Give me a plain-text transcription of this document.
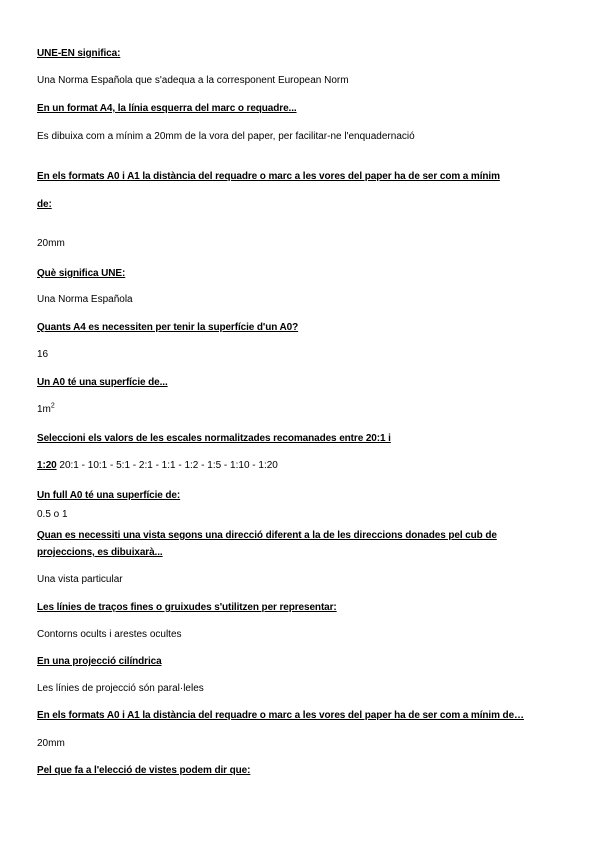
UNE-EN significa:
Una Norma Española que s'adequa a la corresponent European Norm
En un format A4, la línia esquerra del marc o requadre...
Es dibuixa com a mínim a 20mm de la vora del paper, per facilitar-ne l'enquadernació
En els formats A0 i A1 la distància del requadre o marc a les vores del paper ha de ser com a mínim
de:
20mm
Què significa UNE:
Una Norma Española
Quants A4 es necessiten per tenir la superfície d'un A0?
16
Un A0 té una superfície de...
$1m^2$
Seleccioni els valors de les escales normalitzades recomanades entre 20:1 i
1:20 20:1 - 10:1 - 5:1 - 2:1 - 1:1 - 1:2 - 1:5 - 1:10 - 1:20
Un full A0 té una superfície de:
0.5 o 1
Quan es necessiti una vista segons una direcció diferent a la de les direccions donades pel cub de
projeccions, es dibuixarà...
Una vista particular
Les línies de traços fines o gruixudes s'utilitzen per representar:
Contorns ocults i arestes ocultes
En una projecció cilíndrica
Les línies de projecció són paral·leles
En els formats A0 i A1 la distància del requadre o marc a les vores del paper ha de ser com a mínim de…
20mm
Pel que fa a l'elecció de vistes podem dir que:
